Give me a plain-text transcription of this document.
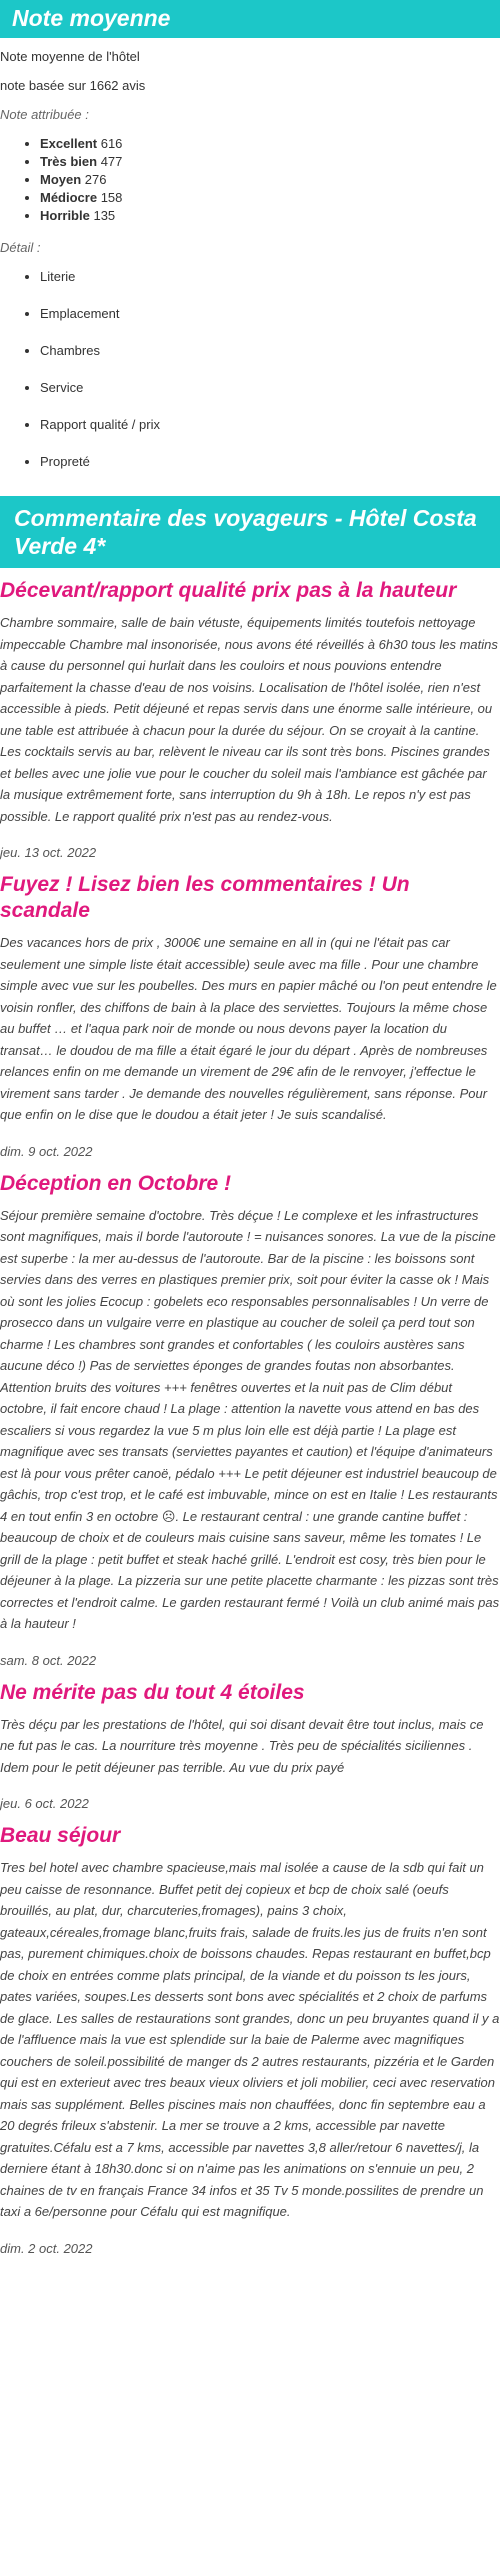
Note moyenne

Note moyenne de l'hôtel

note basée sur 1662 avis

Note attribuée :

• Excellent 616
• Très bien 477
• Moyen 276
• Médiocre 158
• Horrible 135

Détail :

• Literie
• Emplacement
• Chambres
• Service
• Rapport qualité / prix
• Propreté
Commentaire des voyageurs - Hôtel Costa Verde 4*
Décevant/rapport qualité prix pas à la hauteur

Chambre sommaire, salle de bain vétuste, équipements limités toutefois nettoyage impeccable Chambre mal insonorisée, nous avons été réveillés à 6h30 tous les matins à cause du personnel qui hurlait dans les couloirs et nous pouvions entendre parfaitement la chasse d'eau de nos voisins. Localisation de l'hôtel isolée, rien n'est accessible à pieds. Petit déjeuné et repas servis dans une énorme salle intérieure, ou une table est attribuée à chacun pour la durée du séjour. On se croyait à la cantine. Les cocktails servis au bar, relèvent le niveau car ils sont très bons. Piscines grandes et belles avec une jolie vue pour le coucher du soleil mais l'ambiance est gâchée par la musique extrêmement forte, sans interruption du 9h à 18h. Le repos n'y est pas possible. Le rapport qualité prix n'est pas au rendez-vous.

jeu. 13 oct. 2022

Fuyez ! Lisez bien les commentaires ! Un scandale

Des vacances hors de prix , 3000€ une semaine en all in (qui ne l'était pas car seulement une simple liste était accessible) seule avec ma fille . Pour une chambre simple avec vue sur les poubelles. Des murs en papier mâché ou l'on peut entendre le voisin ronfler, des chiffons de bain à la place des serviettes. Toujours la même chose au buffet … et l'aqua park noir de monde ou nous devons payer la location du transat… le doudou de ma fille a était égaré le jour du départ . Après de nombreuses relances enfin on me demande un virement de 29€ afin de le renvoyer, j'effectue le virement sans tarder . Je demande des nouvelles régulièrement, sans réponse. Pour que enfin on le dise que le doudou a était jeter ! Je suis scandalisé.

dim. 9 oct. 2022

Déception en Octobre !

Séjour première semaine d'octobre. Très déçue ! Le complexe et les infrastructures sont magnifiques, mais il borde l'autoroute ! = nuisances sonores. La vue de la piscine est superbe : la mer au-dessus de l'autoroute. Bar de la piscine : les boissons sont servies dans des verres en plastiques premier prix, soit pour éviter la casse ok ! Mais où sont les jolies Ecocup : gobelets eco responsables personnalisables ! Un verre de prosecco dans un vulgaire verre en plastique au coucher de soleil ça perd tout son charme ! Les chambres sont grandes et confortables ( les couloirs austères sans aucune déco !) Pas de serviettes éponges de grandes foutas non absorbantes. Attention bruits des voitures +++ fenêtres ouvertes et la nuit pas de Clim début octobre, il fait encore chaud ! La plage : attention la navette vous attend en bas des escaliers si vous regardez la vue 5 m plus loin elle est déjà partie ! La plage est magnifique avec ses transats (serviettes payantes et caution) et l'équipe d'animateurs est là pour vous prêter canoë, pédalo +++ Le petit déjeuner est industriel beaucoup de gâchis, trop c'est trop, et le café est imbuvable, mince on est en Italie ! Les restaurants 4 en tout enfin 3 en octobre ☹. Le restaurant central : une grande cantine buffet : beaucoup de choix et de couleurs mais cuisine sans saveur, même les tomates ! Le grill de la plage : petit buffet et steak haché grillé. L'endroit est cosy, très bien pour le déjeuner à la plage. La pizzeria sur une petite placette charmante : les pizzas sont très correctes et l'endroit calme. Le garden restaurant fermé ! Voilà un club animé mais pas à la hauteur !

sam. 8 oct. 2022

Ne mérite pas du tout 4 étoiles

Très déçu par les prestations de l'hôtel, qui soi disant devait être tout inclus, mais ce ne fut pas le cas. La nourriture très moyenne . Très peu de spécialités siciliennes . Idem pour le petit déjeuner pas terrible. Au vue du prix payé

jeu. 6 oct. 2022

Beau séjour

Tres bel hotel avec chambre spacieuse,mais mal isolée a cause de la sdb qui fait un peu caisse de resonnance. Buffet petit dej copieux et bcp de choix salé (oeufs brouillés, au plat, dur, charcuteries,fromages), pains 3 choix, gateaux,céreales,fromage blanc,fruits frais, salade de fruits.les jus de fruits n'en sont pas, purement chimiques.choix de boissons chaudes. Repas restaurant en buffet,bcp de choix en entrées comme plats principal, de la viande et du poisson ts les jours, pates variées, soupes.Les desserts sont bons avec spécialités et 2 choix de parfums de glace. Les salles de restaurations sont grandes, donc un peu bruyantes quand il y a de l'affluence mais la vue est splendide sur la baie de Palerme avec magnifiques couchers de soleil.possibilité de manger ds 2 autres restaurants, pizzéria et le Garden qui est en exterieut avec tres beaux vieux oliviers et joli mobilier, ceci avec reservation mais sas supplément. Belles piscines mais non chauffées, donc fin septembre eau a 20 degrés frileux s'abstenir. La mer se trouve a 2 kms, accessible par navette gratuites.Céfalu est a 7 kms, accessible par navettes 3,8 aller/retour 6 navettes/j, la derniere étant à 18h30.donc si on n'aime pas les animations on s'ennuie un peu, 2 chaines de tv en français France 34 infos et 35 Tv 5 monde.possilites de prendre un taxi a 6e/personne pour Céfalu qui est magnifique.

dim. 2 oct. 2022
